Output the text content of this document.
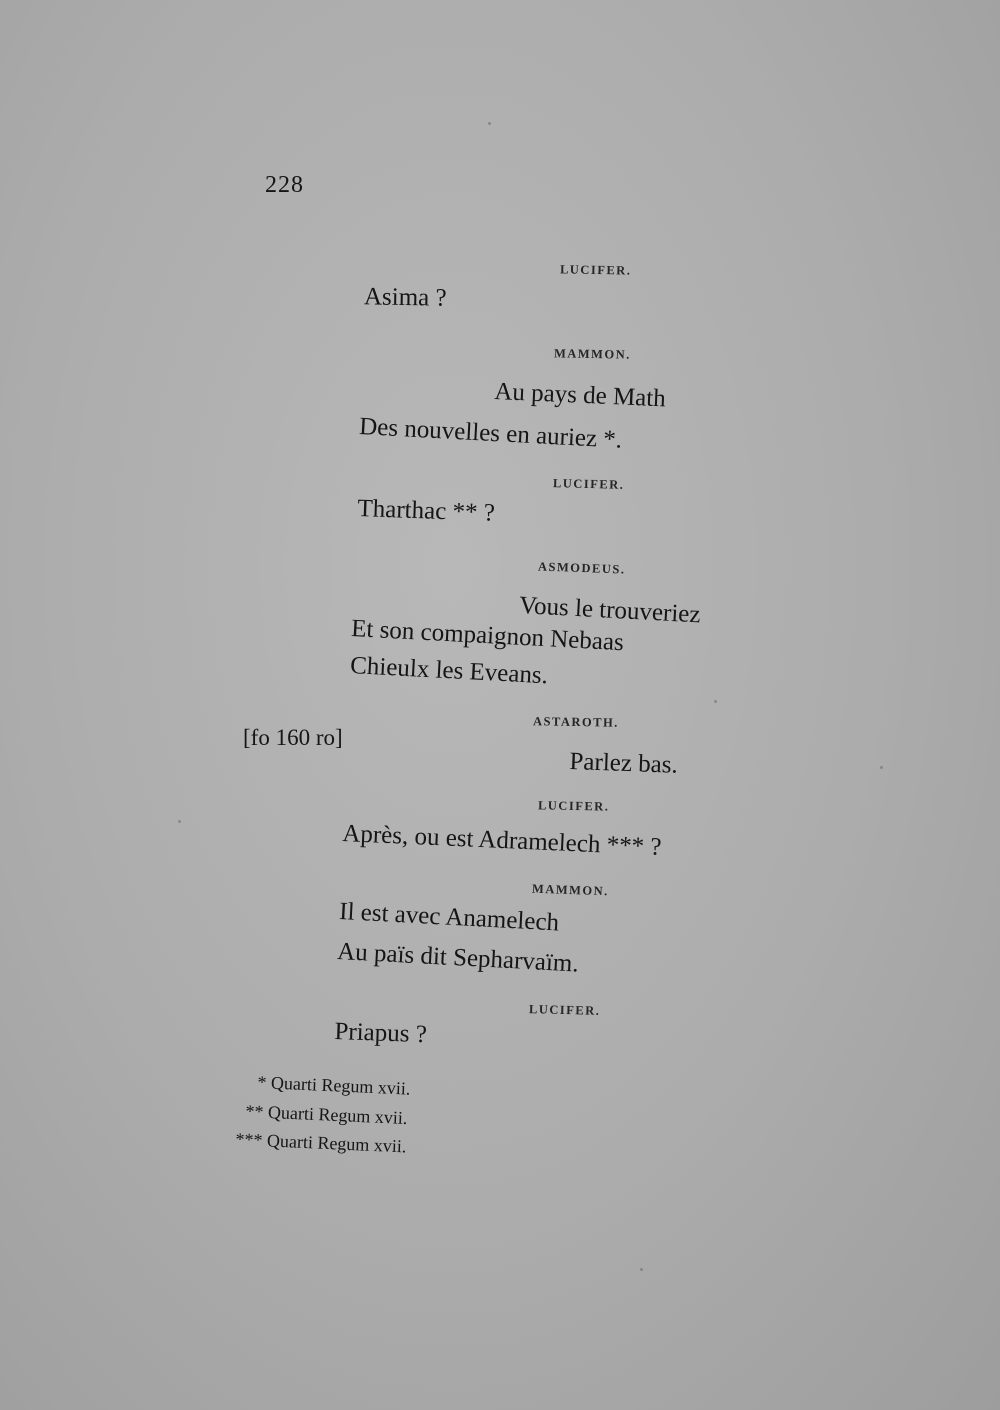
228
LUCIFER.
Asima ?
MAMMON.
Au pays de Math
Des nouvelles en auriez *.
LUCIFER.
Tharthac ** ?
ASMODEUS.
Vous le trouveriez
Et son compaignon Nebaas
Chieulx les Eveans.
[fo 160 ro]
ASTAROTH.
Parlez bas.
LUCIFER.
Après, ou est Adramelech *** ?
MAMMON.
Il est avec Anamelech
Au païs dit Sepharvaïm.
LUCIFER.
Priapus ?
* Quarti Regum xvii.
** Quarti Regum xvii.
*** Quarti Regum xvii.
